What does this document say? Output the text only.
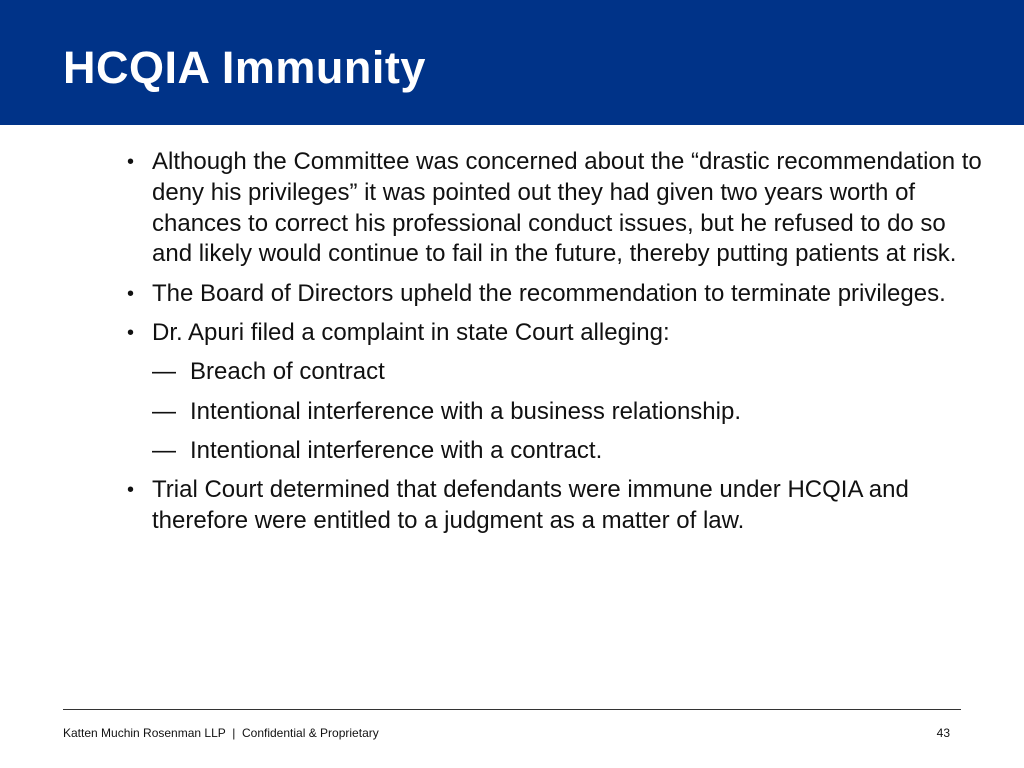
HCQIA Immunity
• Although the Committee was concerned about the “drastic recommendation to deny his privileges” it was pointed out they had given two years worth of chances to correct his professional conduct issues, but he refused to do so and likely would continue to fail in the future, thereby putting patients at risk.
• The Board of Directors upheld the recommendation to terminate privileges.
• Dr. Apuri filed a complaint in state Court alleging:
— Breach of contract
— Intentional interference with a business relationship.
— Intentional interference with a contract.
• Trial Court determined that defendants were immune under HCQIA and therefore were entitled to a judgment as a matter of law.
Katten Muchin Rosenman LLP  |  Confidential & Proprietary	43
